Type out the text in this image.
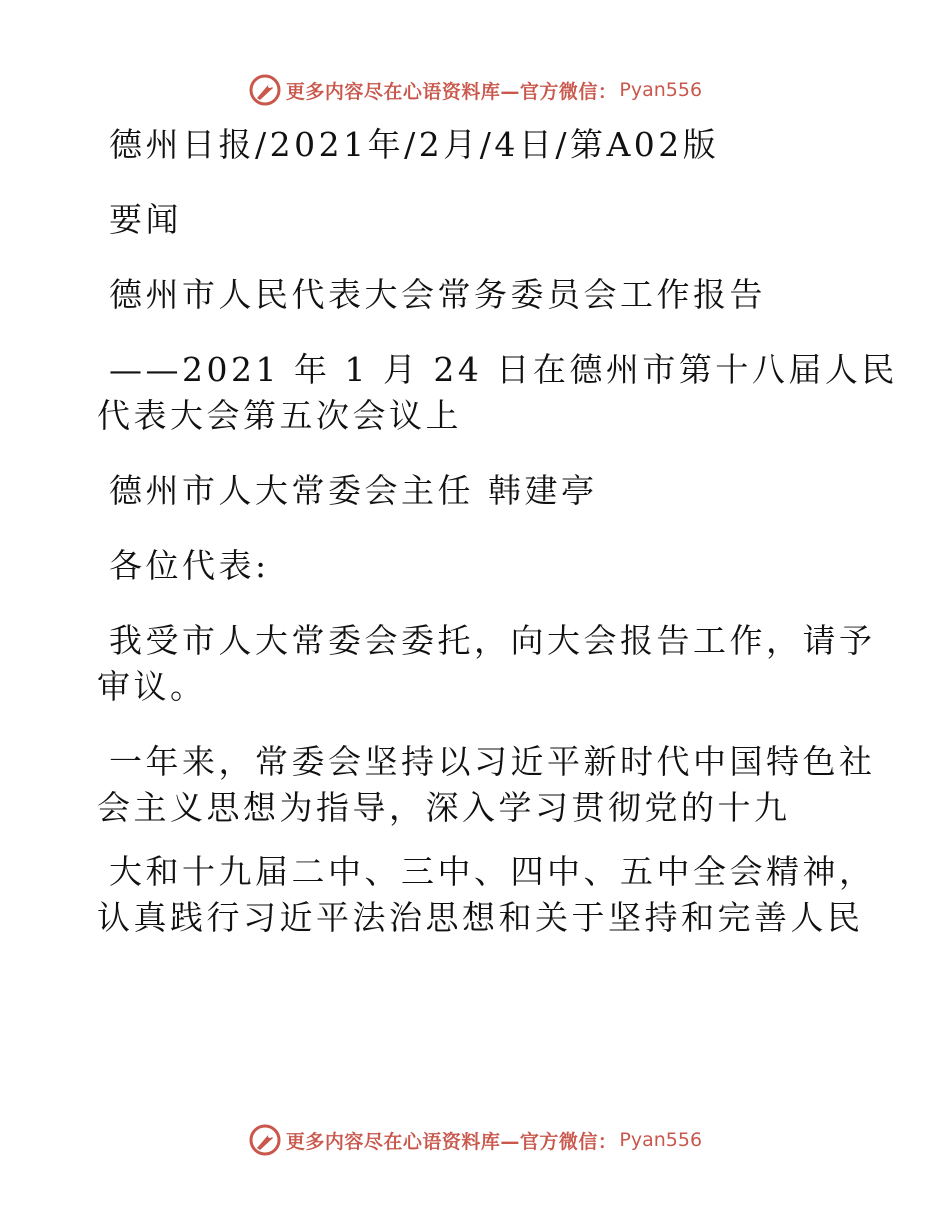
更多内容尽在心语资料库—官方微信： Pyan556
德州日报/2021年/2月/4日/第A02版
要闻
德州市人民代表大会常务委员会工作报告
——2021 年 1 月 24 日在德州市第十八届人民
代表大会第五次会议上
德州市人大常委会主任 韩建亭
各位代表:
我受市人大常委会委托，向大会报告工作，请予
审议。
一年来，常委会坚持以习近平新时代中国特色社
会主义思想为指导，深入学习贯彻党的十九
大和十九届二中、三中、四中、五中全会精神，
认真践行习近平法治思想和关于坚持和完善人民
更多内容尽在心语资料库—官方微信： Pyan556
